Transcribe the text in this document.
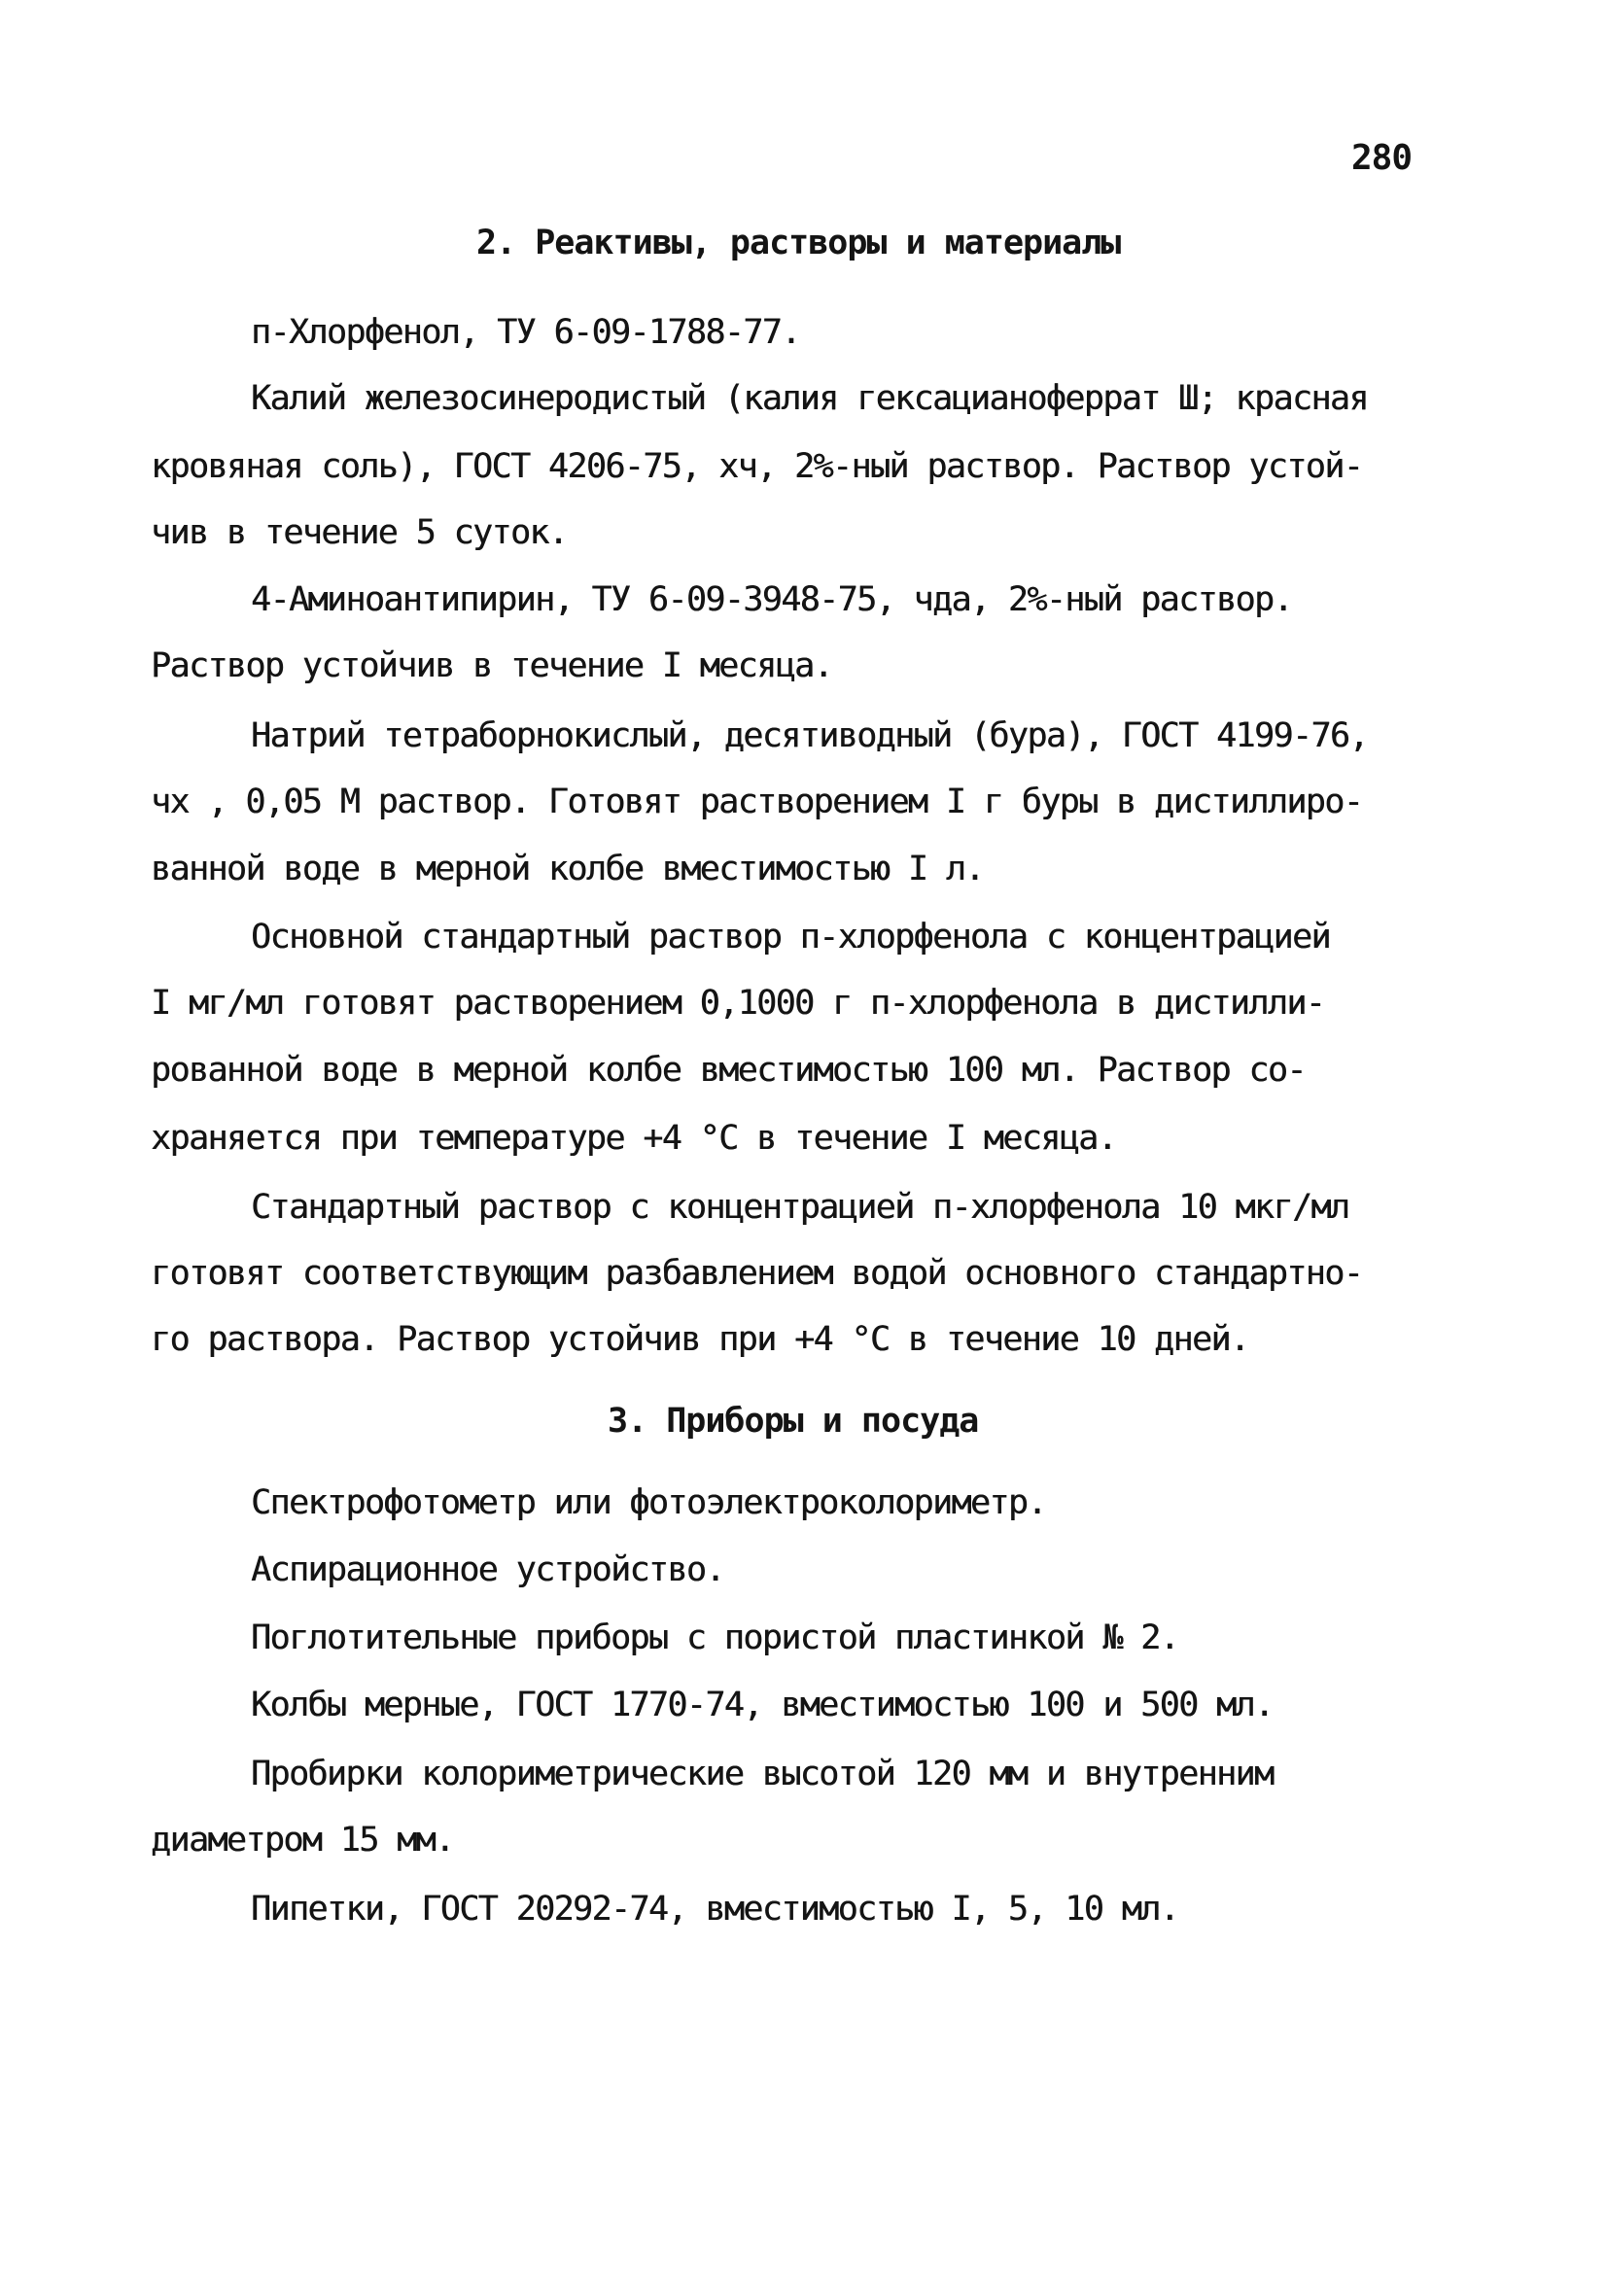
280
2. Реактивы, растворы и материалы
п-Хлорфенол, ТУ 6-09-1788-77.
Калий железосинеродистый (калия гексацианоферрат Ш; красная
кровяная соль), ГОСТ 4206-75, хч, 2%-ный раствор. Раствор устой-
чив в течение 5 суток.
4-Аминоантипирин, ТУ 6-09-3948-75, чда, 2%-ный раствор.
Раствор устойчив в течение I месяца.
Натрий тетраборнокислый, десятиводный (бура), ГОСТ 4199-76,
чх , 0,05 М раствор. Готовят растворением I г буры в дистиллиро-
ванной воде в мерной колбе вместимостью I л.
Основной стандартный раствор п-хлорфенола с концентрацией
I мг/мл готовят растворением 0,1000 г п-хлорфенола в дистилли-
рованной воде в мерной колбе вместимостью 100 мл. Раствор со-
храняется при температуре +4 °С в течение I месяца.
Стандартный раствор с концентрацией п-хлорфенола 10 мкг/мл
готовят соответствующим разбавлением водой основного стандартно-
го раствора. Раствор устойчив при +4 °С в течение 10 дней.
3. Приборы и посуда
Спектрофотометр или фотоэлектроколориметр.
Аспирационное устройство.
Поглотительные приборы с пористой пластинкой № 2.
Колбы мерные, ГОСТ 1770-74, вместимостью 100 и 500 мл.
Пробирки колориметрические высотой 120 мм и внутренним
диаметром 15 мм.
Пипетки, ГОСТ 20292-74, вместимостью I, 5, 10 мл.
